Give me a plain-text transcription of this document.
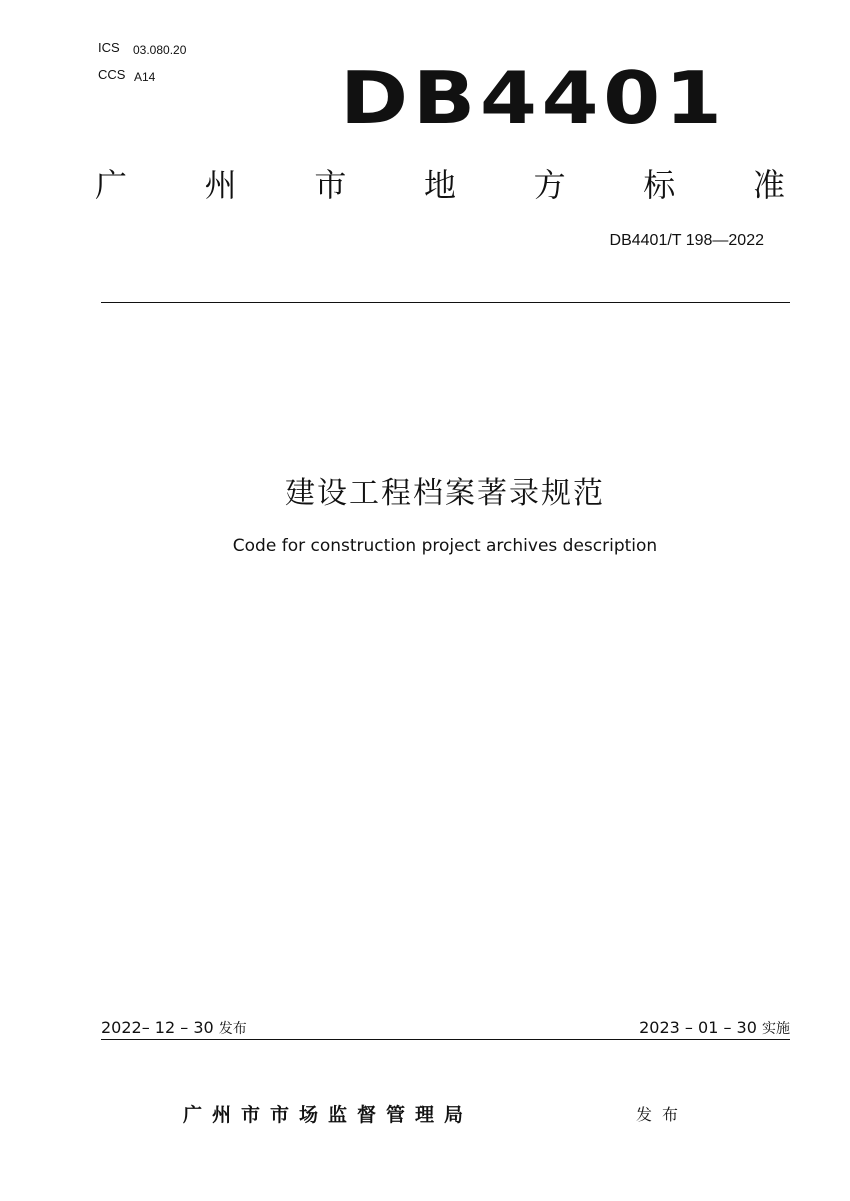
ICS 03.080.20
CCS A14	DB4401
广 州 市 地 方 标 准
DB4401/T 198—2022
建设工程档案著录规范
Code for construction project archives description
2022– 12 – 30 发布	2023 – 01 – 30 实施
广州市市场监督管理局	发布
